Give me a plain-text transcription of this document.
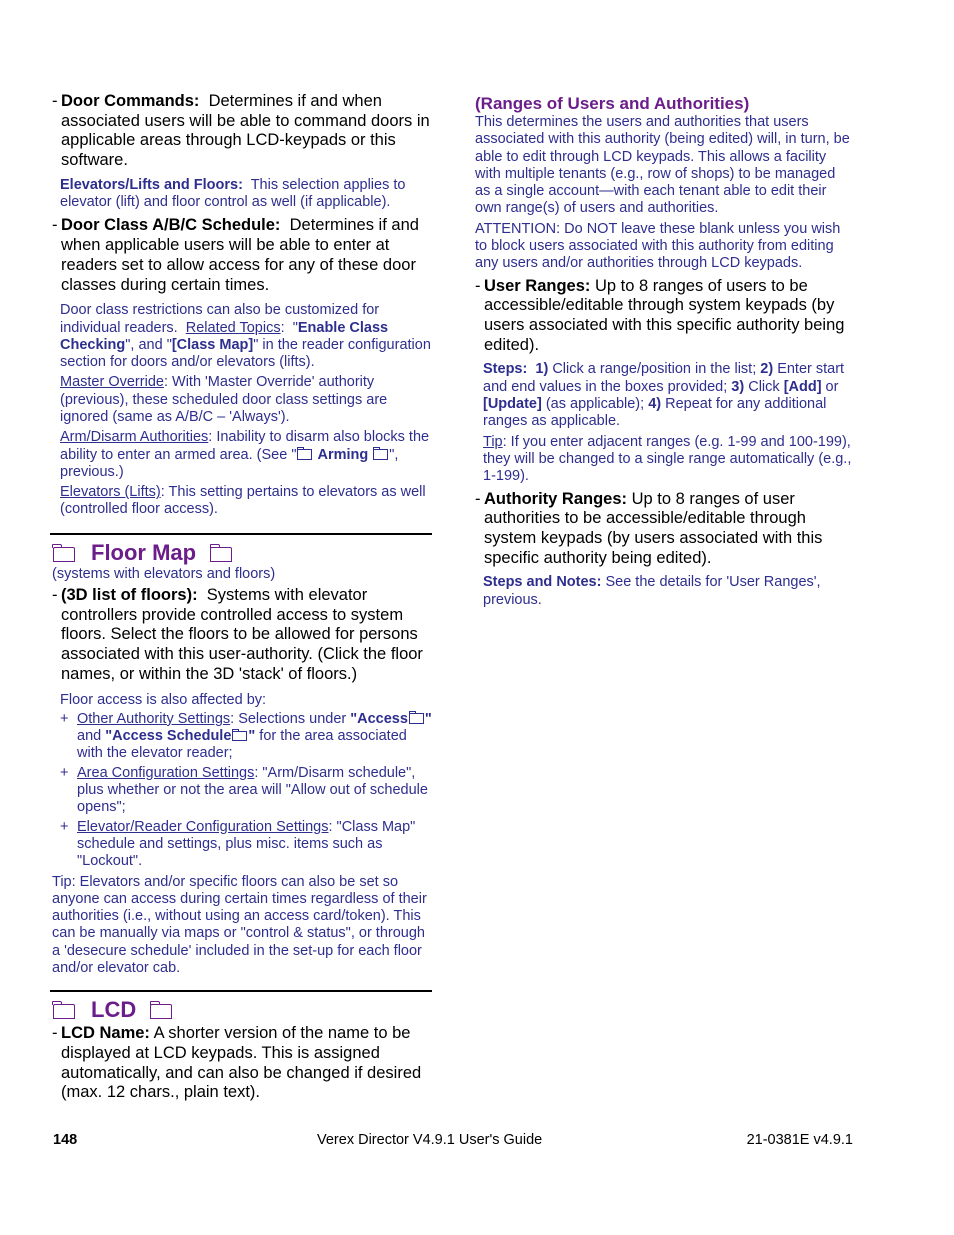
- Door Commands: Determines if and when associated users will be able to command doors in applicable areas through LCD-keypads or this software.
Elevators/Lifts and Floors: This selection applies to elevator (lift) and floor control as well (if applicable).
- Door Class A/B/C Schedule: Determines if and when applicable users will be able to enter at readers set to allow access for any of these door classes during certain times.
Door class restrictions can also be customized for individual readers. Related Topics: "Enable Class Checking", and "[Class Map]" in the reader configuration section for doors and/or elevators (lifts).
Master Override: With 'Master Override' authority (previous), these scheduled door class settings are ignored (same as A/B/C – 'Always').
Arm/Disarm Authorities: Inability to disarm also blocks the ability to enter an armed area. (See " Arming ", previous.)
Elevators (Lifts): This setting pertains to elevators as well (controlled floor access).
Floor Map
(systems with elevators and floors)
- (3D list of floors): Systems with elevator controllers provide controlled access to system floors. Select the floors to be allowed for persons associated with this user-authority. (Click the floor names, or within the 3D 'stack' of floors.)
Floor access is also affected by:
+ Other Authority Settings: Selections under "Access " and "Access Schedule " for the area associated with the elevator reader;
+ Area Configuration Settings: "Arm/Disarm schedule", plus whether or not the area will "Allow out of schedule opens";
+ Elevator/Reader Configuration Settings: "Class Map" schedule and settings, plus misc. items such as "Lockout".
Tip: Elevators and/or specific floors can also be set so anyone can access during certain times regardless of their authorities (i.e., without using an access card/token). This can be manually via maps or "control & status", or through a 'desecure schedule' included in the set-up for each floor and/or elevator cab.
LCD
- LCD Name: A shorter version of the name to be displayed at LCD keypads. This is assigned automatically, and can also be changed if desired (max. 12 chars., plain text).
(Ranges of Users and Authorities)
This determines the users and authorities that users associated with this authority (being edited) will, in turn, be able to edit through LCD keypads. This allows a facility with multiple tenants (e.g., row of shops) to be managed as a single account—with each tenant able to edit their own range(s) of users and authorities.
ATTENTION: Do NOT leave these blank unless you wish to block users associated with this authority from editing any users and/or authorities through LCD keypads.
- User Ranges: Up to 8 ranges of users to be accessible/editable through system keypads (by users associated with this specific authority being edited).
Steps: 1) Click a range/position in the list; 2) Enter start and end values in the boxes provided; 3) Click [Add] or [Update] (as applicable); 4) Repeat for any additional ranges as applicable.
Tip: If you enter adjacent ranges (e.g. 1-99 and 100-199), they will be changed to a single range automatically (e.g., 1-199).
- Authority Ranges: Up to 8 ranges of user authorities to be accessible/editable through system keypads (by users associated with this specific authority being edited).
Steps and Notes: See the details for 'User Ranges', previous.
148	Verex Director V4.9.1 User's Guide	21-0381E v4.9.1
